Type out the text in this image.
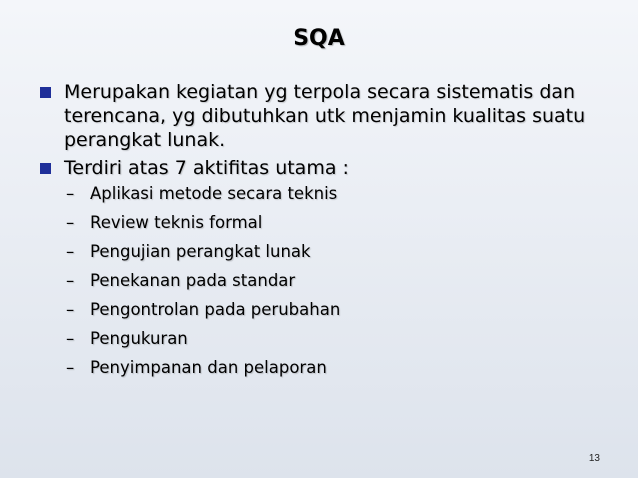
SQA
Merupakan kegiatan yg terpola secara sistematis dan terencana, yg dibutuhkan utk menjamin kualitas suatu perangkat lunak.
Terdiri atas 7 aktifitas utama :
– Aplikasi metode secara teknis
– Review teknis formal
– Pengujian perangkat lunak
– Penekanan pada standar
– Pengontrolan pada perubahan
– Pengukuran
– Penyimpanan dan pelaporan
13
